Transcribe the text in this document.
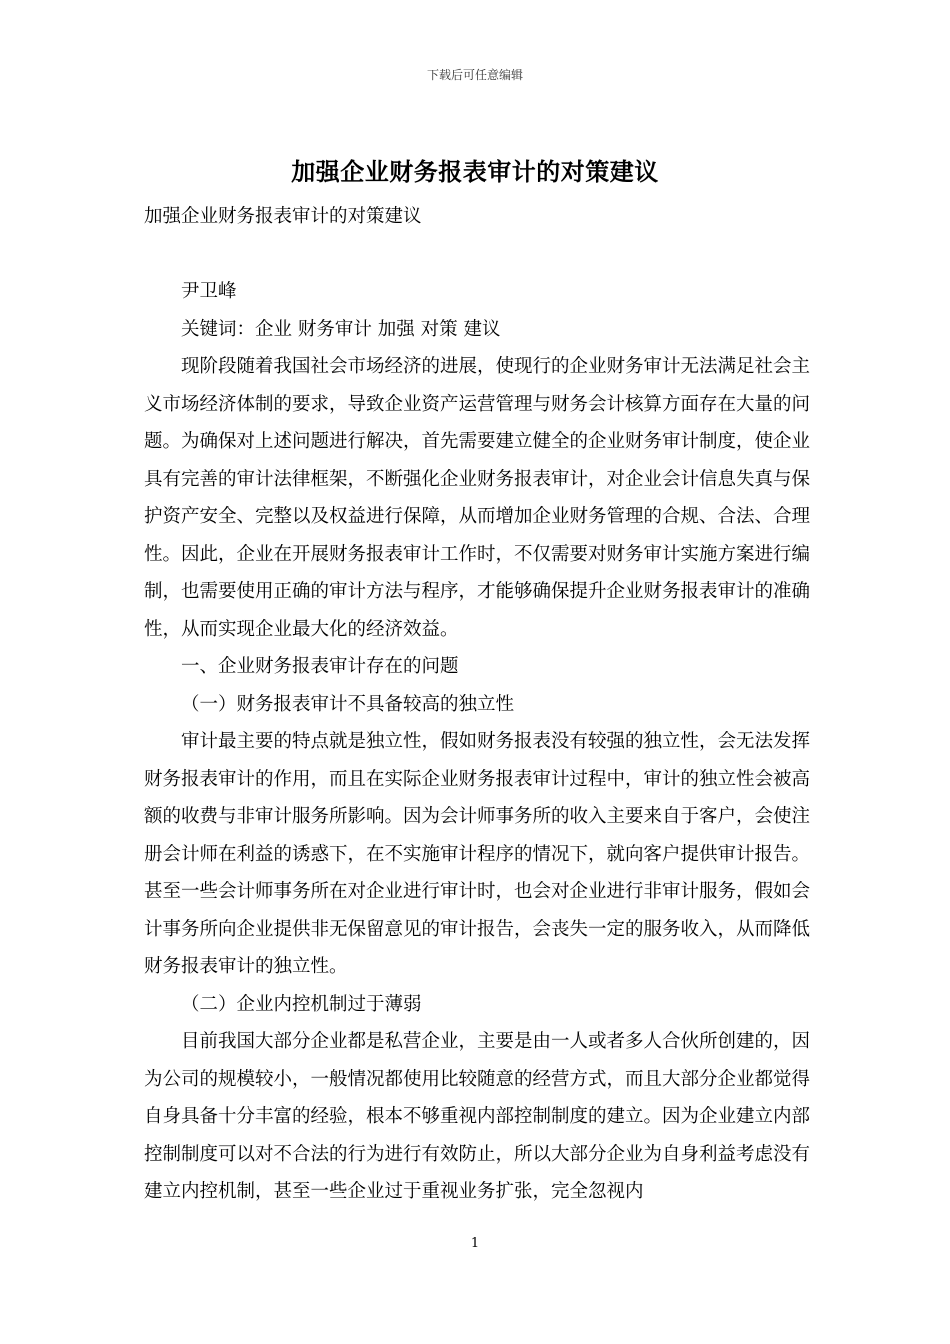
下载后可任意编辑
加强企业财务报表审计的对策建议

加强企业财务报表审计的对策建议

尹卫峰

关键词：企业 财务审计 加强 对策 建议

现阶段随着我国社会市场经济的进展，使现行的企业财务审计无法满足社会主义市场经济体制的要求，导致企业资产运营管理与财务会计核算方面存在大量的问题。为确保对上述问题进行解决，首先需要建立健全的企业财务审计制度，使企业具有完善的审计法律框架，不断强化企业财务报表审计，对企业会计信息失真与保护资产安全、完整以及权益进行保障，从而增加企业财务管理的合规、合法、合理性。因此，企业在开展财务报表审计工作时，不仅需要对财务审计实施方案进行编制，也需要使用正确的审计方法与程序，才能够确保提升企业财务报表审计的准确性，从而实现企业最大化的经济效益。

一、企业财务报表审计存在的问题

（一）财务报表审计不具备较高的独立性

审计最主要的特点就是独立性，假如财务报表没有较强的独立性，会无法发挥财务报表审计的作用，而且在实际企业财务报表审计过程中，审计的独立性会被高额的收费与非审计服务所影响。因为会计师事务所的收入主要来自于客户，会使注册会计师在利益的诱惑下，在不实施审计程序的情况下，就向客户提供审计报告。甚至一些会计师事务所在对企业进行审计时，也会对企业进行非审计服务，假如会计事务所向企业提供非无保留意见的审计报告，会丧失一定的服务收入，从而降低财务报表审计的独立性。

（二）企业内控机制过于薄弱

目前我国大部分企业都是私营企业，主要是由一人或者多人合伙所创建的，因为公司的规模较小，一般情况都使用比较随意的经营方式，而且大部分企业都觉得自身具备十分丰富的经验，根本不够重视内部控制制度的建立。因为企业建立内部控制制度可以对不合法的行为进行有效防止，所以大部分企业为自身利益考虑没有建立内控机制，甚至一些企业过于重视业务扩张，完全忽视内

1
